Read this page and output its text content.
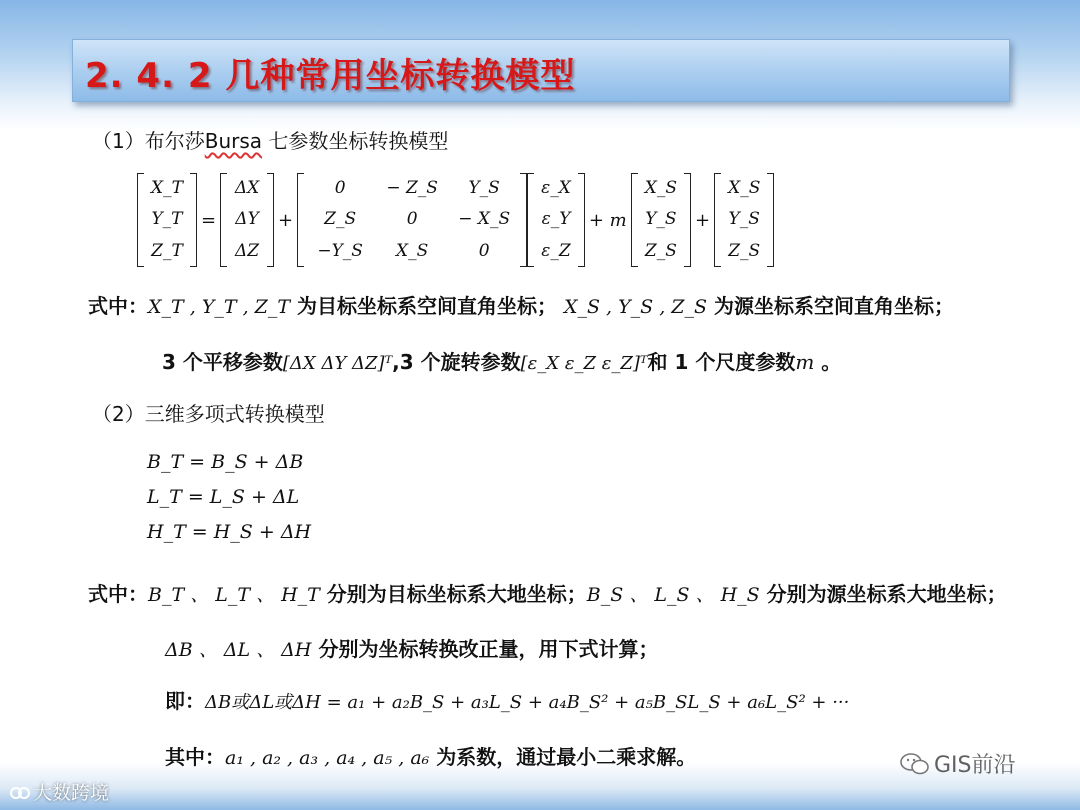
2. 4. 2 几种常用坐标转换模型
（1）布尔莎Bursa 七参数坐标转换模型
X_T
Y_T
Z_T
=
ΔX
ΔY
ΔZ
+
0
Z_S
−Y_S
− Z_S
0
X_S
Y_S
− X_S
0
ε_X
ε_Y
ε_Z
+ m
X_S
Y_S
Z_S
+
X_S
Y_S
Z_S
式中：X_T , Y_T , Z_T 为目标坐标系空间直角坐标； X_S , Y_S , Z_S 为源坐标系空间直角坐标；
3 个平移参数[ΔX ΔY ΔZ]ᵀ,3 个旋转参数[ε_X ε_Z ε_Z]ᵀ和 1 个尺度参数m 。
（2）三维多项式转换模型
B_T = B_S + ΔB
L_T = L_S + ΔL
H_T = H_S + ΔH
式中：B_T 、 L_T 、 H_T 分别为目标坐标系大地坐标；B_S 、 L_S 、 H_S 分别为源坐标系大地坐标；
ΔB 、 ΔL 、 ΔH 分别为坐标转换改正量，用下式计算；
即：ΔB或ΔL或ΔH = a₁ + a₂B_S + a₃L_S + a₄B_S² + a₅B_SL_S + a₆L_S² + ···
其中：a₁ , a₂ , a₃ , a₄ , a₅ , a₆ 为系数，通过最小二乘求解。	GIS前沿
大数跨境
